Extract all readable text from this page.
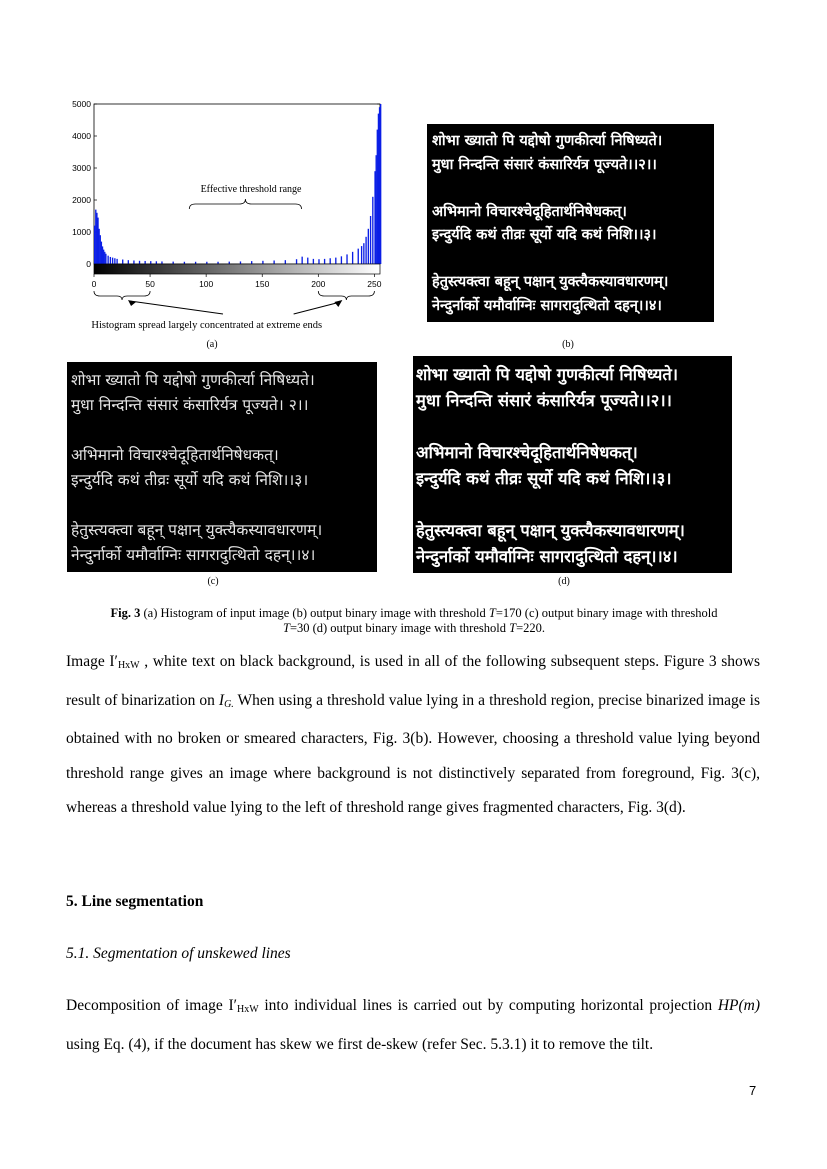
0
1000
2000
3000
4000
5000
0	50	100	150	200	250
Effective threshold range
Histogram spread largely concentrated at extreme ends
(a)
शोभा ख्यातो पि यद्दोषो गुणकीर्त्या निषिध्यते।
मुधा निन्दन्ति संसारं कंसारिर्यत्र पूज्यते।।२।।
अभिमानो विचारश्चेदूहितार्थनिषेधकत्।
इन्दुर्यदि कथं तीव्रः सूर्यो यदि कथं निशि।।३।
हेतुस्त्यक्त्वा बहून् पक्षान् युक्त्यैकस्यावधारणम्।
नेन्दुर्नार्को यमौर्वाग्निः सागरादुत्थितो दहन्।।४।
(b)
शोभा ख्यातो पि यद्दोषो गुणकीर्त्या निषिध्यते।
मुधा निन्दन्ति संसारं कंसारिर्यत्र पूज्यते। २।।
अभिमानो विचारश्चेदूहितार्थनिषेधकत्।
इन्दुर्यदि कथं तीव्रः सूर्यो यदि कथं निशि।।३।
हेतुस्त्यक्त्वा बहून् पक्षान् युक्त्यैकस्यावधारणम्।
नेन्दुर्नार्को यमौर्वाग्निः सागरादुत्थितो दहन्।।४।
(c)
शोभा ख्यातो पि यद्दोषो गुणकीर्त्या निषिध्यते।
मुधा निन्दन्ति संसारं कंसारिर्यत्र पूज्यते।।२।।
अभिमानो विचारश्चेदूहितार्थनिषेधकत्।
इन्दुर्यदि कथं तीव्रः सूर्यो यदि कथं निशि।।३।
हेतुस्त्यक्त्वा बहून् पक्षान् युक्त्यैकस्यावधारणम्।
नेन्दुर्नार्को यमौर्वाग्निः सागरादुत्थितो दहन्।।४।
(d)
Fig. 3 (a) Histogram of input image (b) output binary image with threshold T=170 (c) output binary image with threshold
T=30 (d) output binary image with threshold T=220.
Image $I'_{HxW}$ , white text on black background, is used in all of the following subsequent steps. Figure 3 shows result of binarization on $I_{G.}$ When using a threshold value lying in a threshold region, precise binarized image is obtained with no broken or smeared characters, Fig. 3(b). However, choosing a threshold value lying beyond threshold range gives an image where background is not distinctively separated from foreground, Fig. 3(c), whereas a threshold value lying to the left of threshold range gives fragmented characters, Fig. 3(d).
5. Line segmentation
5.1. Segmentation of unskewed lines
Decomposition of image $I'_{HxW}$ into individual lines is carried out by computing horizontal projection HP(m) using Eq. (4), if the document has skew we first de-skew (refer Sec. 5.3.1) it to remove the tilt.
7
